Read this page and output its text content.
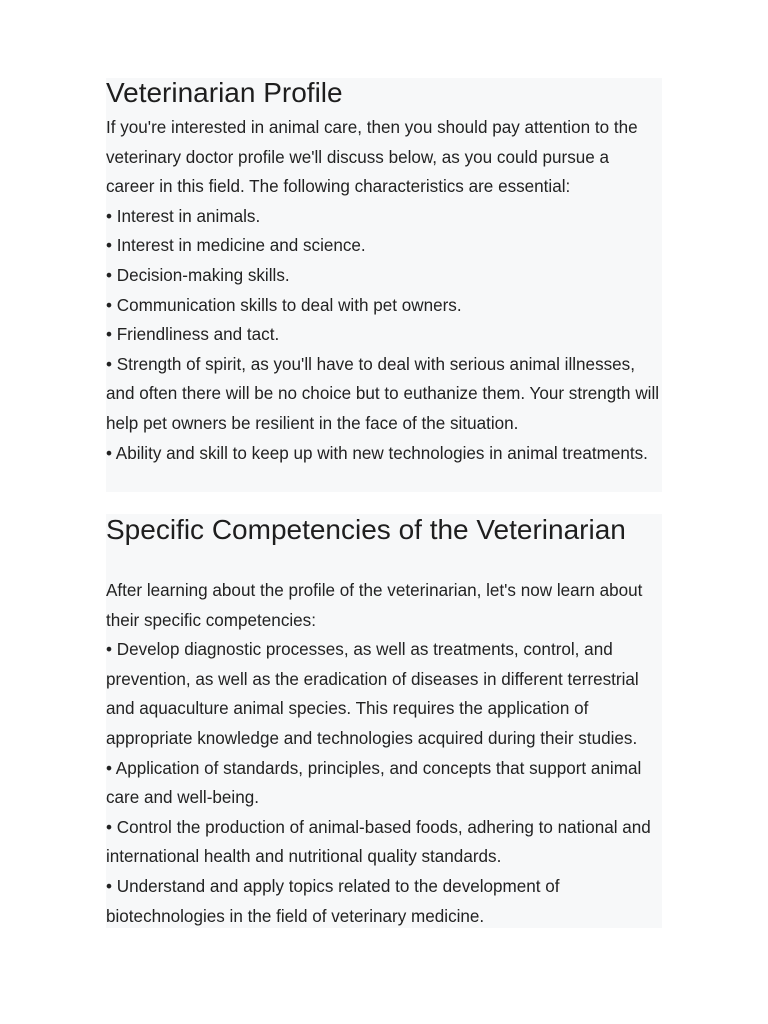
Veterinarian Profile

If you're interested in animal care, then you should pay attention to the veterinary doctor profile we'll discuss below, as you could pursue a career in this field. The following characteristics are essential:

• Interest in animals.

• Interest in medicine and science.

• Decision-making skills.

• Communication skills to deal with pet owners.

• Friendliness and tact.

• Strength of spirit, as you'll have to deal with serious animal illnesses, and often there will be no choice but to euthanize them. Your strength will help pet owners be resilient in the face of the situation.

• Ability and skill to keep up with new technologies in animal treatments.

Specific Competencies of the Veterinarian

After learning about the profile of the veterinarian, let's now learn about their specific competencies:

• Develop diagnostic processes, as well as treatments, control, and prevention, as well as the eradication of diseases in different terrestrial and aquaculture animal species. This requires the application of appropriate knowledge and technologies acquired during their studies.

• Application of standards, principles, and concepts that support animal care and well-being.

• Control the production of animal-based foods, adhering to national and international health and nutritional quality standards.

• Understand and apply topics related to the development of biotechnologies in the field of veterinary medicine.
